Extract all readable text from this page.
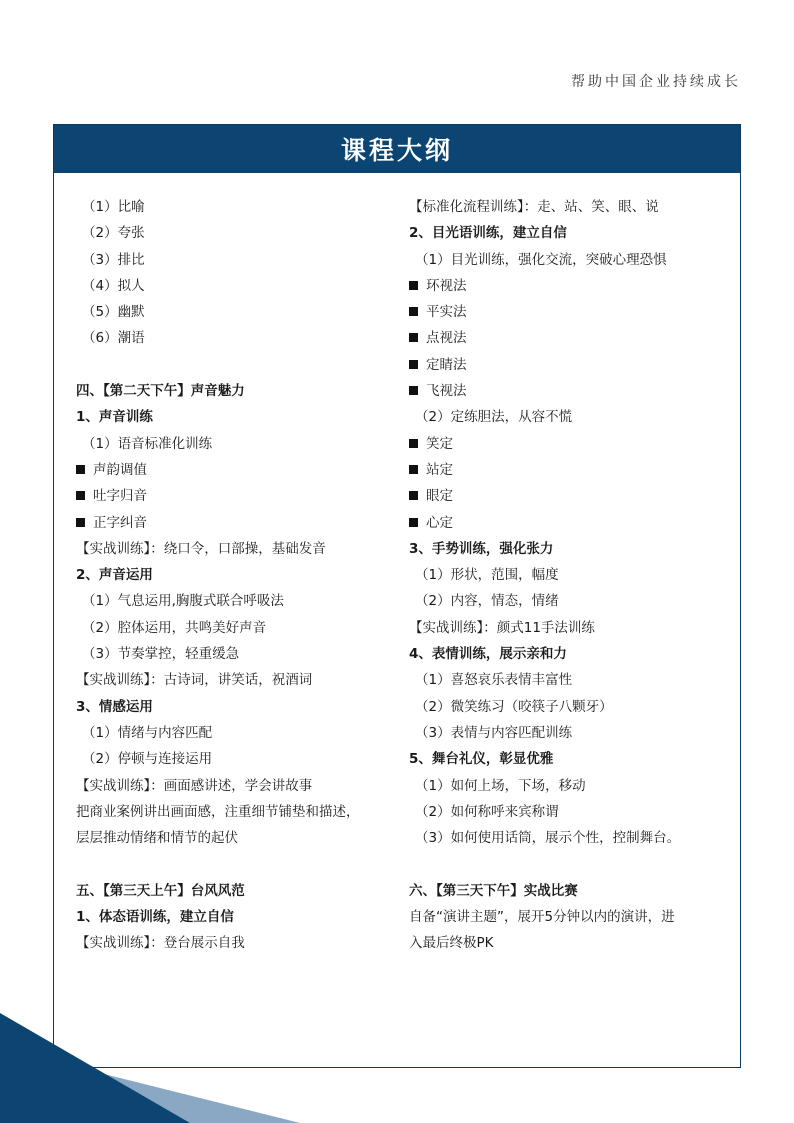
帮助中国企业持续成长
课程大纲
（1）比喻
（2）夸张
（3）排比
（4）拟人
（5）幽默
（6）潮语
四、【第二天下午】声音魅力
1、声音训练
（1）语音标准化训练
声韵调值
吐字归音
正字纠音
【实战训练】：绕口令，口部操，基础发音
2、声音运用
（1）气息运用,胸腹式联合呼吸法
（2）腔体运用，共鸣美好声音
（3）节奏掌控，轻重缓急
【实战训练】：古诗词，讲笑话，祝酒词
3、情感运用
（1）情绪与内容匹配
（2）停顿与连接运用
【实战训练】：画面感讲述，学会讲故事
把商业案例讲出画面感，注重细节铺垫和描述，
层层推动情绪和情节的起伏
五、【第三天上午】台风风范
1、体态语训练，建立自信
【实战训练】：登台展示自我
【标准化流程训练】：走、站、笑、眼、说
2、目光语训练，建立自信
（1）目光训练，强化交流，突破心理恐惧
环视法
平实法
点视法
定睛法
飞视法
（2）定练胆法，从容不慌
笑定
站定
眼定
心定
3、手势训练，强化张力
（1）形状，范围，幅度
（2）内容，情态，情绪
【实战训练】：颜式11手法训练
4、表情训练，展示亲和力
（1）喜怒哀乐表情丰富性
（2）微笑练习（咬筷子八颗牙）
（3）表情与内容匹配训练
5、舞台礼仪，彰显优雅
（1）如何上场，下场，移动
（2）如何称呼来宾称谓
（3）如何使用话筒，展示个性，控制舞台。
六、【第三天下午】实战比赛
自备“演讲主题”，展开5分钟以内的演讲，进
入最后终极PK
